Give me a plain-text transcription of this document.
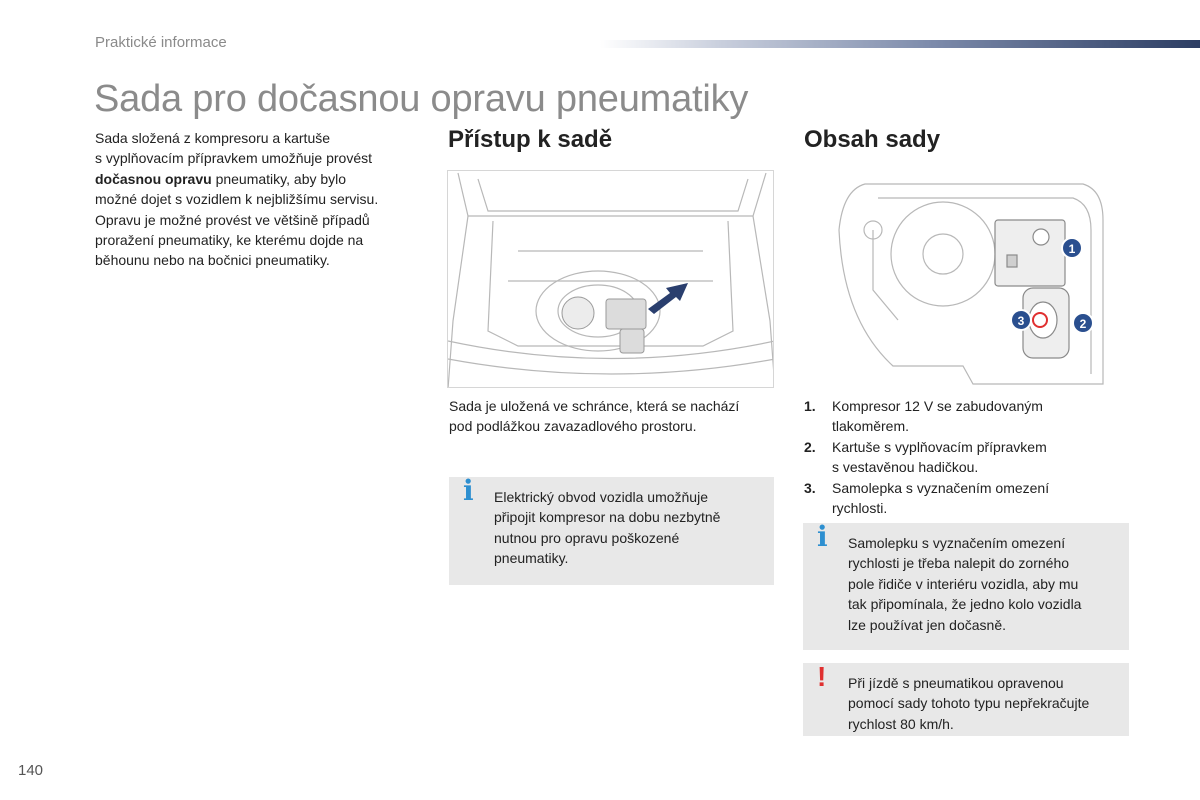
Praktické informace
Sada pro dočasnou opravu pneumatiky
Sada složená z kompresoru a kartuše
s vyplňovacím přípravkem umožňuje provést
dočasnou opravu pneumatiky, aby bylo
možné dojet s vozidlem k nejbližšímu servisu.
Opravu je možné provést ve většině případů
proražení pneumatiky, ke kterému dojde na
běhounu nebo na bočnici pneumatiky.
Přístup k sadě
Sada je uložená ve schránce, která se nachází
pod podlážkou zavazadlového prostoru.
i Elektrický obvod vozidla umožňuje
připojit kompresor na dobu nezbytně
nutnou pro opravu poškozené
pneumatiky.
Obsah sady
1
2
3
1. Kompresor 12 V se zabudovaným
tlakoměrem.
2. Kartuše s vyplňovacím přípravkem
s vestavěnou hadičkou.
3. Samolepka s vyznačením omezení
rychlosti.
i Samolepku s vyznačením omezení
rychlosti je třeba nalepit do zorného
pole řidiče v interiéru vozidla, aby mu
tak připomínala, že jedno kolo vozidla
lze používat jen dočasně.
! Při jízdě s pneumatikou opravenou
pomocí sady tohoto typu nepřekračujte
rychlost 80 km/h.
140
